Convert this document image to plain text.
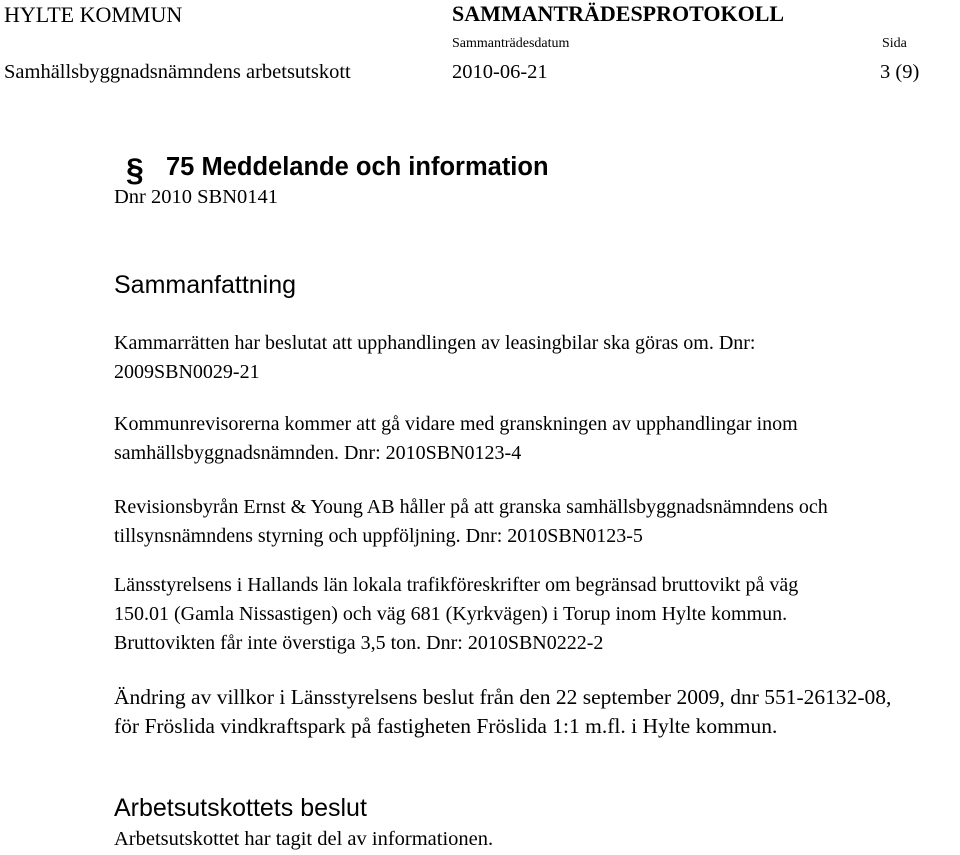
HYLTE KOMMUN	SAMMANTRÄDESPROTOKOLL
Sammanträdesdatum	Sida
Samhällsbyggnadsnämndens arbetsutskott	2010-06-21	3 (9)
§ 75 Meddelande och information
Dnr 2010 SBN0141
Sammanfattning
Kammarrätten har beslutat att upphandlingen av leasingbilar ska göras om. Dnr:
2009SBN0029-21
Kommunrevisorerna kommer att gå vidare med granskningen av upphandlingar inom
samhällsbyggnadsnämnden. Dnr: 2010SBN0123-4
Revisionsbyrån Ernst & Young AB håller på att granska samhällsbyggnadsnämndens och
tillsynsnämndens styrning och uppföljning. Dnr: 2010SBN0123-5
Länsstyrelsens i Hallands län lokala trafikföreskrifter om begränsad bruttovikt på väg
150.01 (Gamla Nissastigen) och väg 681 (Kyrkvägen) i Torup inom Hylte kommun.
Bruttovikten får inte överstiga 3,5 ton. Dnr: 2010SBN0222-2
Ändring av villkor i Länsstyrelsens beslut från den 22 september 2009, dnr 551-26132-08,
för Fröslida vindkraftspark på fastigheten Fröslida 1:1 m.fl. i Hylte kommun.
Arbetsutskottets beslut
Arbetsutskottet har tagit del av informationen.
